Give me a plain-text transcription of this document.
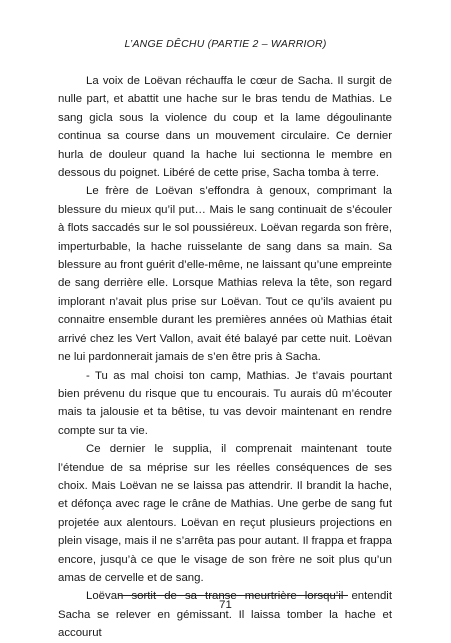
L’ANGE DÊCHU (PARTIE 2 – WARRIOR)

La voix de Loëvan réchauffa le cœur de Sacha. Il surgit de nulle part, et abattit une hache sur le bras tendu de Mathias. Le sang gicla sous la violence du coup et la lame dégoulinante continua sa course dans un mouvement circulaire. Ce dernier hurla de douleur quand la hache lui sectionna le membre en dessous du poignet. Libéré de cette prise, Sacha tomba à terre.

Le frère de Loëvan s’effondra à genoux, comprimant la blessure du mieux qu’il put… Mais le sang continuait de s’écouler à flots saccadés sur le sol poussiéreux. Loëvan regarda son frère, imperturbable, la hache ruisselante de sang dans sa main. Sa blessure au front guérit d’elle-même, ne laissant qu’une empreinte de sang derrière elle. Lorsque Mathias releva la tête, son regard implorant n’avait plus prise sur Loëvan. Tout ce qu’ils avaient pu connaitre ensemble durant les premières années où Mathias était arrivé chez les Vert Vallon, avait été balayé par cette nuit. Loëvan ne lui pardonnerait jamais de s’en être pris à Sacha.

- Tu as mal choisi ton camp, Mathias. Je t’avais pourtant bien prévenu du risque que tu encourais. Tu aurais dû m’écouter mais ta jalousie et ta bêtise, tu vas devoir maintenant en rendre compte sur ta vie.

Ce dernier le supplia, il comprenait maintenant toute l’étendue de sa méprise sur les réelles conséquences de ses choix. Mais Loëvan ne se laissa pas attendrir. Il brandit la hache, et défonça avec rage le crâne de Mathias. Une gerbe de sang fut projetée aux alentours. Loëvan en reçut plusieurs projections en plein visage, mais il ne s’arrêta pas pour autant. Il frappa et frappa encore, jusqu’à ce que le visage de son frère ne soit plus qu’un amas de cervelle et de sang.

Loëvan sortit de sa transe meurtrière lorsqu’il entendit Sacha se relever en gémissant. Il laissa tomber la hache et accourut

71
